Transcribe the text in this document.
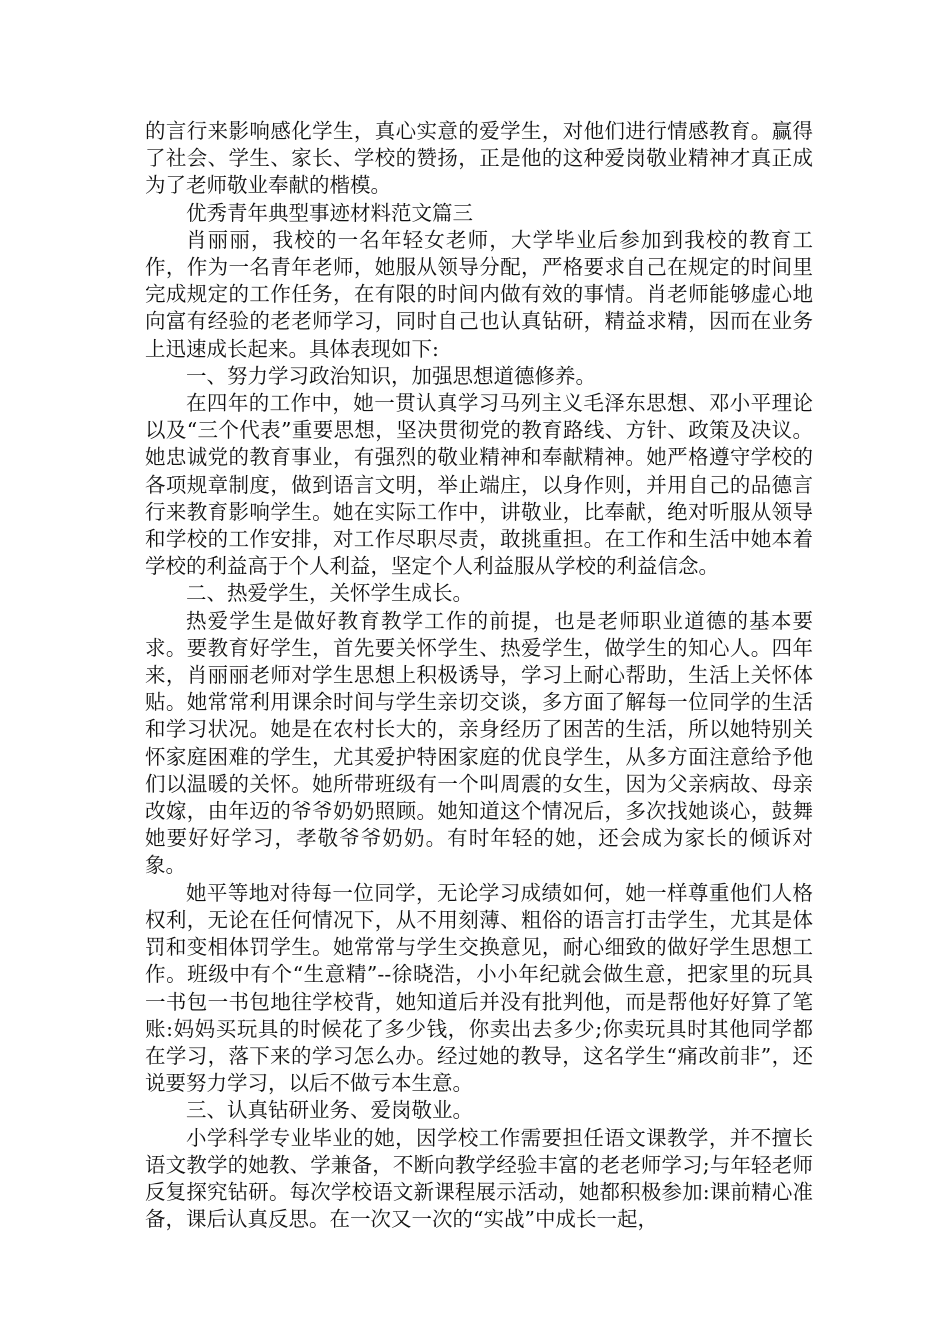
的言行来影响感化学生，真心实意的爱学生，对他们进行情感教育。赢得了社会、学生、家长、学校的赞扬，正是他的这种爱岗敬业精神才真正成为了老师敬业奉献的楷模。

优秀青年典型事迹材料范文篇三

肖丽丽，我校的一名年轻女老师，大学毕业后参加到我校的教育工作，作为一名青年老师，她服从领导分配，严格要求自己在规定的时间里完成规定的工作任务，在有限的时间内做有效的事情。肖老师能够虚心地向富有经验的老老师学习，同时自己也认真钻研，精益求精，因而在业务上迅速成长起来。具体表现如下:

一、努力学习政治知识，加强思想道德修养。

在四年的工作中，她一贯认真学习马列主义毛泽东思想、邓小平理论以及“三个代表”重要思想，坚决贯彻党的教育路线、方针、政策及决议。她忠诚党的教育事业，有强烈的敬业精神和奉献精神。她严格遵守学校的各项规章制度，做到语言文明，举止端庄，以身作则，并用自己的品德言行来教育影响学生。她在实际工作中，讲敬业，比奉献，绝对听服从领导和学校的工作安排，对工作尽职尽责，敢挑重担。在工作和生活中她本着学校的利益高于个人利益，坚定个人利益服从学校的利益信念。

二、热爱学生，关怀学生成长。

热爱学生是做好教育教学工作的前提，也是老师职业道德的基本要求。要教育好学生，首先要关怀学生、热爱学生，做学生的知心人。四年来，肖丽丽老师对学生思想上积极诱导，学习上耐心帮助，生活上关怀体贴。她常常利用课余时间与学生亲切交谈，多方面了解每一位同学的生活和学习状况。她是在农村长大的，亲身经历了困苦的生活，所以她特别关怀家庭困难的学生，尤其爱护特困家庭的优良学生，从多方面注意给予他们以温暖的关怀。她所带班级有一个叫周震的女生，因为父亲病故、母亲改嫁，由年迈的爷爷奶奶照顾。她知道这个情况后，多次找她谈心，鼓舞她要好好学习，孝敬爷爷奶奶。有时年轻的她，还会成为家长的倾诉对象。

她平等地对待每一位同学，无论学习成绩如何，她一样尊重他们人格权利，无论在任何情况下，从不用刻薄、粗俗的语言打击学生，尤其是体罚和变相体罚学生。她常常与学生交换意见，耐心细致的做好学生思想工作。班级中有个“生意精”--徐晓浩，小小年纪就会做生意，把家里的玩具一书包一书包地往学校背，她知道后并没有批判他，而是帮他好好算了笔账:妈妈买玩具的时候花了多少钱，你卖出去多少;你卖玩具时其他同学都在学习，落下来的学习怎么办。经过她的教导，这名学生“痛改前非”，还说要努力学习，以后不做亏本生意。

三、认真钻研业务、爱岗敬业。

小学科学专业毕业的她，因学校工作需要担任语文课教学，并不擅长语文教学的她教、学兼备，不断向教学经验丰富的老老师学习;与年轻老师反复探究钻研。每次学校语文新课程展示活动，她都积极参加:课前精心准备，课后认真反思。在一次又一次的“实战”中成长一起，
